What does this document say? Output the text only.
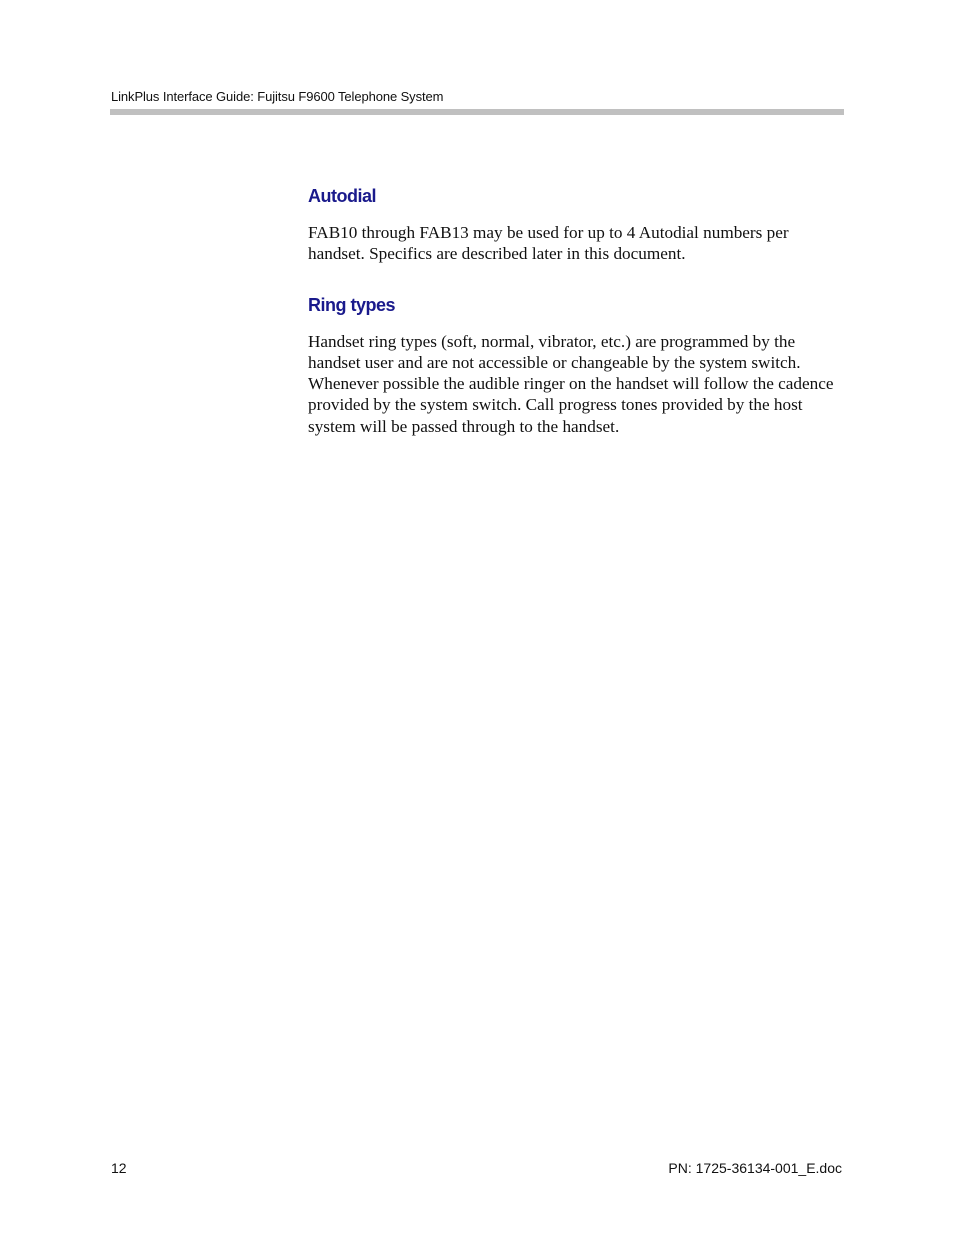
LinkPlus Interface Guide: Fujitsu F9600 Telephone System
Autodial

FAB10 through FAB13 may be used for up to 4 Autodial numbers per handset. Specifics are described later in this document.

Ring types

Handset ring types (soft, normal, vibrator, etc.) are programmed by the handset user and are not accessible or changeable by the system switch. Whenever possible the audible ringer on the handset will follow the cadence provided by the system switch. Call progress tones provided by the host system will be passed through to the handset.

12	PN: 1725-36134-001_E.doc
